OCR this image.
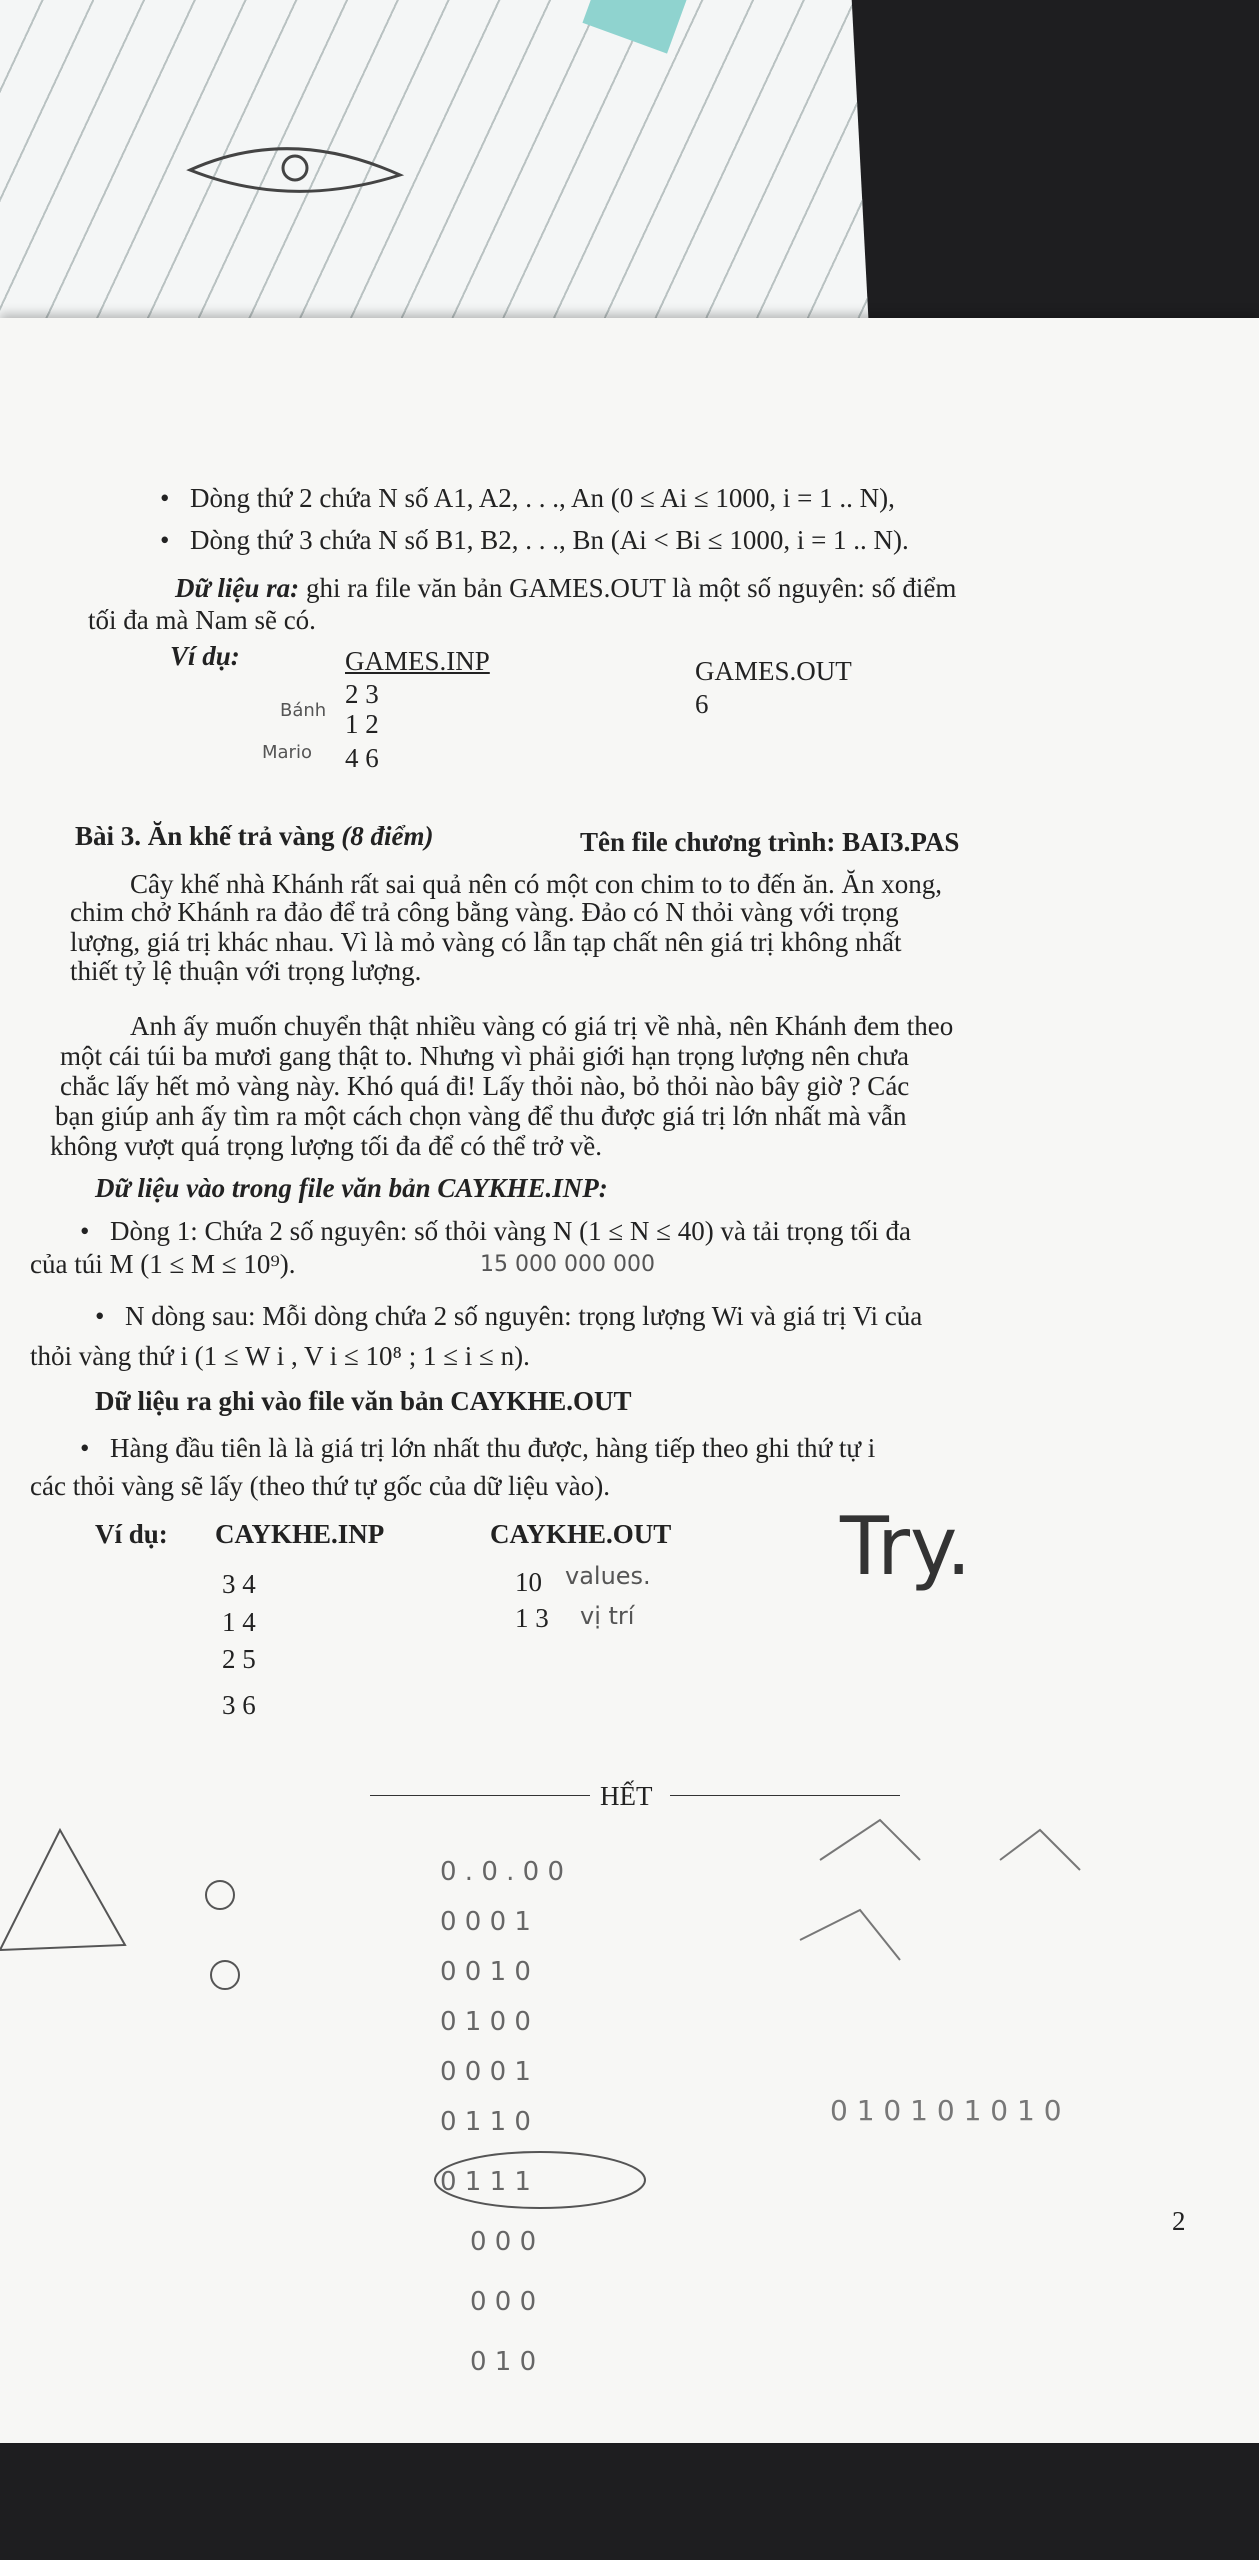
• Dòng thứ 2 chứa N số A1, A2, . . ., An (0 ≤ Ai ≤ 1000, i = 1 .. N),
• Dòng thứ 3 chứa N số B1, B2, . . ., Bn (Ai < Bi ≤ 1000, i = 1 .. N).
Dữ liệu ra: ghi ra file văn bản GAMES.OUT là một số nguyên: số điểm
tối đa mà Nam sẽ có.
Ví dụ:	GAMES.INP
2 3
1 2
4 6
GAMES.OUT
6
Bánh
Mario
Bài 3. Ăn khế trả vàng (8 điểm)	Tên file chương trình: BAI3.PAS
Cây khế nhà Khánh rất sai quả nên có một con chim to to đến ăn. Ăn xong,
chim chở Khánh ra đảo để trả công bằng vàng. Đảo có N thỏi vàng với trọng
lượng, giá trị khác nhau. Vì là mỏ vàng có lẫn tạp chất nên giá trị không nhất
thiết tỷ lệ thuận với trọng lượng.
Anh ấy muốn chuyển thật nhiều vàng có giá trị về nhà, nên Khánh đem theo
một cái túi ba mươi gang thật to. Nhưng vì phải giới hạn trọng lượng nên chưa
chắc lấy hết mỏ vàng này. Khó quá đi! Lấy thỏi nào, bỏ thỏi nào bây giờ ? Các
bạn giúp anh ấy tìm ra một cách chọn vàng để thu được giá trị lớn nhất mà vẫn
không vượt quá trọng lượng tối đa để có thể trở về.
Dữ liệu vào trong file văn bản CAYKHE.INP:
• Dòng 1: Chứa 2 số nguyên: số thỏi vàng N (1 ≤ N ≤ 40) và tải trọng tối đa
của túi M (1 ≤ M ≤ 10⁹).	15 000 000 000
• N dòng sau: Mỗi dòng chứa 2 số nguyên: trọng lượng Wi và giá trị Vi của
thỏi vàng thứ i (1 ≤ W i , V i ≤ 10⁸ ; 1 ≤ i ≤ n).
Dữ liệu ra ghi vào file văn bản CAYKHE.OUT
• Hàng đầu tiên là là giá trị lớn nhất thu được, hàng tiếp theo ghi thứ tự i
các thỏi vàng sẽ lấy (theo thứ tự gốc của dữ liệu vào).
Ví dụ: CAYKHE.INP	CAYKHE.OUT
3 4
1 4
2 5
3 6
10
1 3
values.
vị trí
Try.
HẾT
2
0 . 0 . 0 0
0 0 0 1
0 0 1 0
0 1 0 0
0 0 0 1
0 1 1 0
0 1 1 1
0 0 0
0 0 0
0 1 0
0 1 0 1 0 1 0 1 0
